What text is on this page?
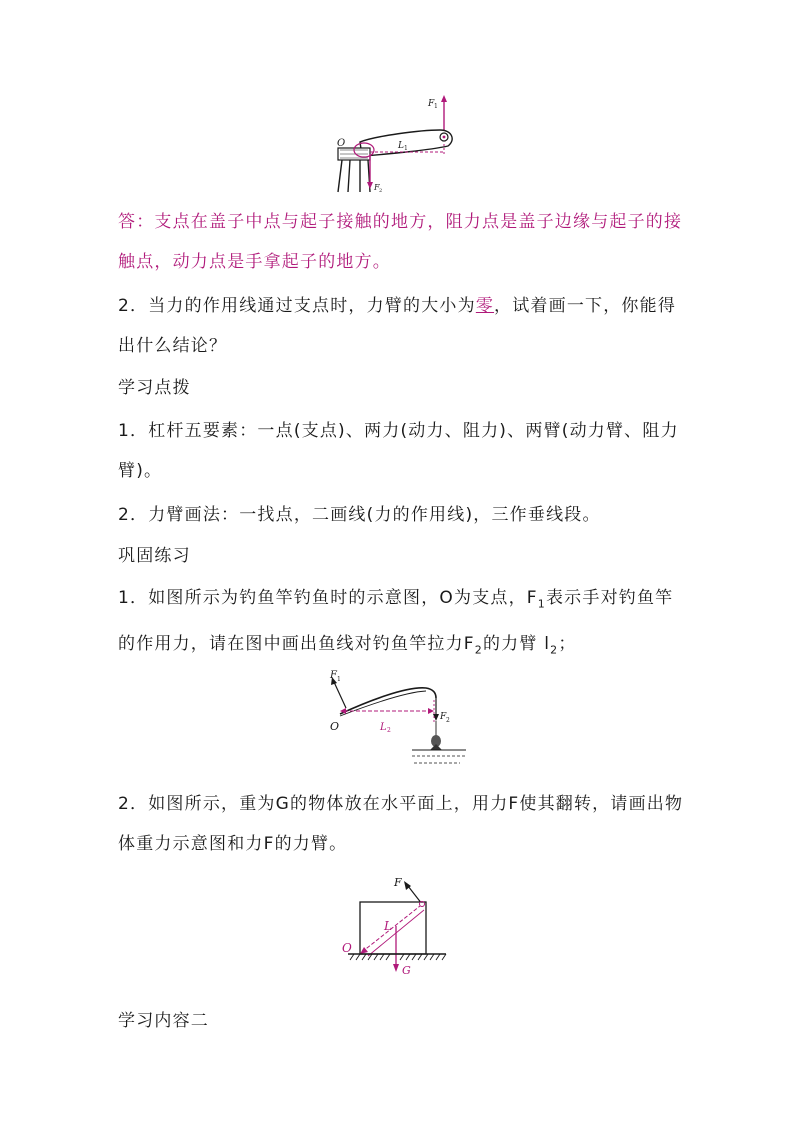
F 1
O	L 1
F 2
答：支点在盖子中点与起子接触的地方，阻力点是盖子边缘与起子的接触点，动力点是手拿起子的地方。
2．当力的作用线通过支点时，力臂的大小为零，试着画一下，你能得出什么结论？
学习点拨
1．杠杆五要素：一点(支点)、两力(动力、阻力)、两臂(动力臂、阻力臂)。
2．力臂画法：一找点，二画线(力的作用线)，三作垂线段。
巩固练习
1．如图所示为钓鱼竿钓鱼时的示意图，O为支点，$F_1$表示手对钓鱼竿的作用力，请在图中画出鱼线对钓鱼竿拉力$F_2$的力臂 $l_2$；
F 1
F 2
L 2
O
2．如图所示，重为G的物体放在水平面上，用力F使其翻转，请画出物体重力示意图和力F的力臂。
F
L
G
O
学习内容二
